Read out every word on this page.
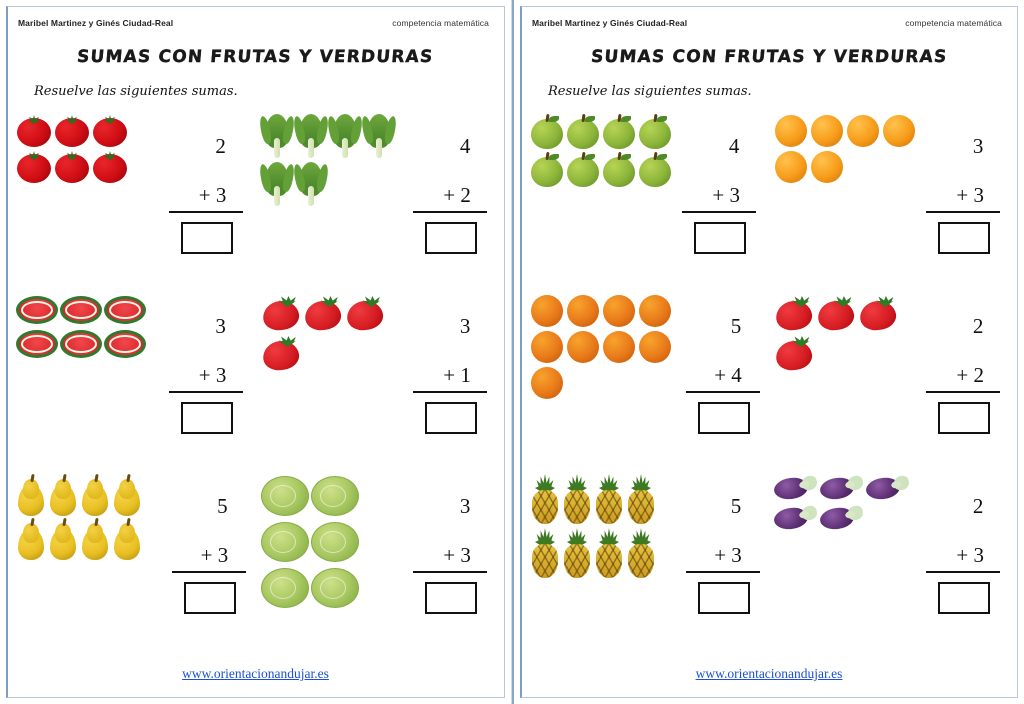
Maribel Martinez y Ginés Ciudad-Real	competencia matemática
SUMAS CON FRUTAS Y VERDURAS
Resuelve las siguientes sumas.
2
+ 3
4
+ 2
3
+ 3
3
+ 1
5
+ 3
3
+ 3
www.orientacionandujar.es
Maribel Martinez y Ginés Ciudad-Real	competencia matemática
SUMAS CON FRUTAS Y VERDURAS
Resuelve las siguientes sumas.
4
+ 3
3
+ 3
5
+ 4
2
+ 2
5
+ 3
2
+ 3
www.orientacionandujar.es
